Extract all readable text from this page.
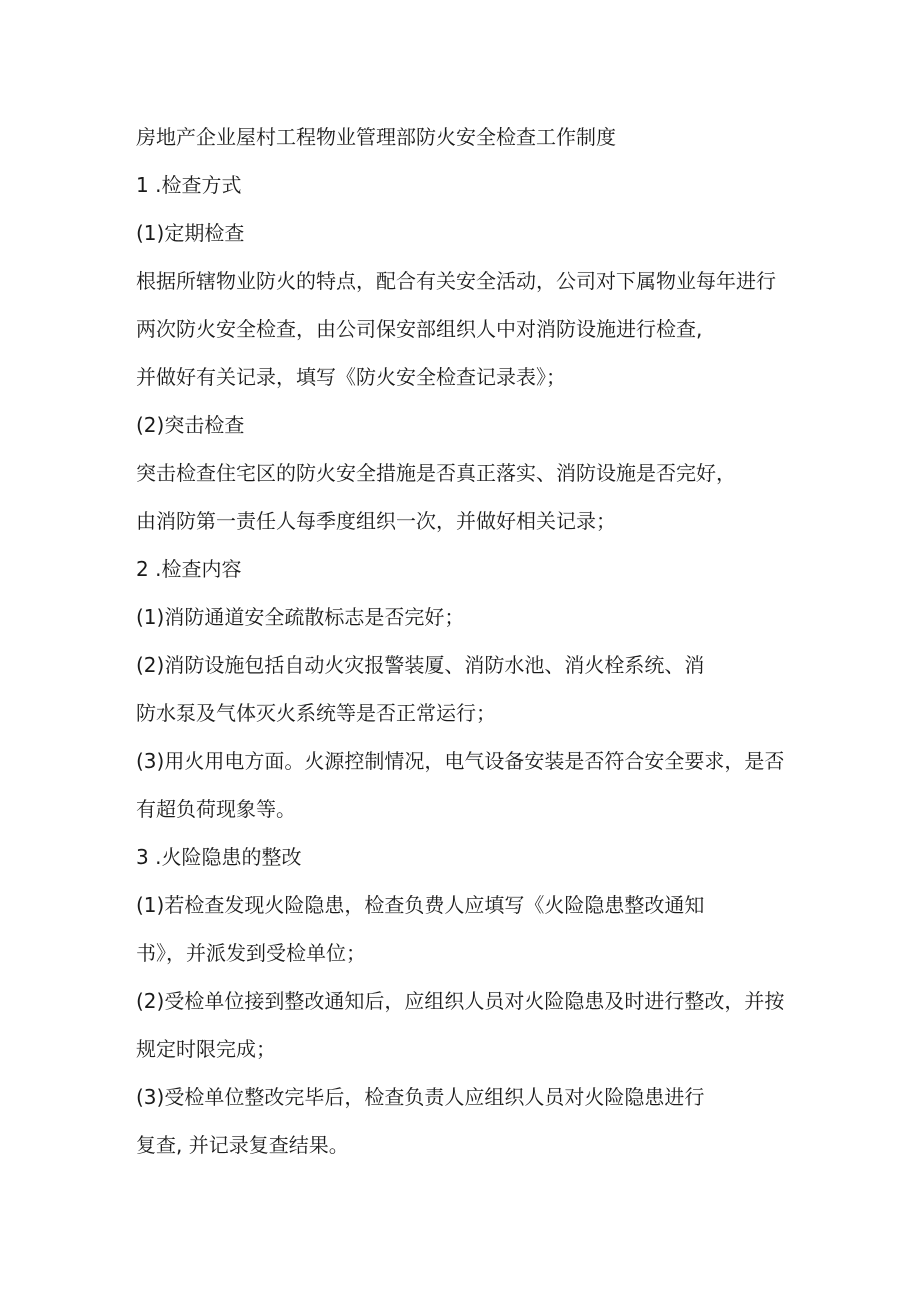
房地产企业屋村工程物业管理部防火安全检查工作制度
1 .检查方式
(1)定期检查
根据所辖物业防火的特点，配合有关安全活动，公司对下属物业每年进行
两次防火安全检查，由公司保安部组织人中对消防设施进行检查,
并做好有关记录，填写《防火安全检查记录表》；
(2)突击检查
突击检查住宅区的防火安全措施是否真正落实、消防设施是否完好，
由消防第一责任人每季度组织一次，并做好相关记录；
2 .检查内容
(1)消防通道安全疏散标志是否完好；
(2)消防设施包括自动火灾报警装厦、消防水池、消火栓系统、消
防水泵及气体灭火系统等是否正常运行；
(3)用火用电方面。火源控制情况，电气设备安装是否符合安全要求，是否
有超负荷现象等。
3 .火险隐患的整改
(1)若检查发现火险隐患，检查负费人应填写《火险隐患整改通知
书》，并派发到受检单位；
(2)受检单位接到整改通知后，应组织人员对火险隐患及时进行整改，并按
规定时限完成；
(3)受检单位整改完毕后，检查负责人应组织人员对火险隐患进行
复查, 并记录复查结果。
